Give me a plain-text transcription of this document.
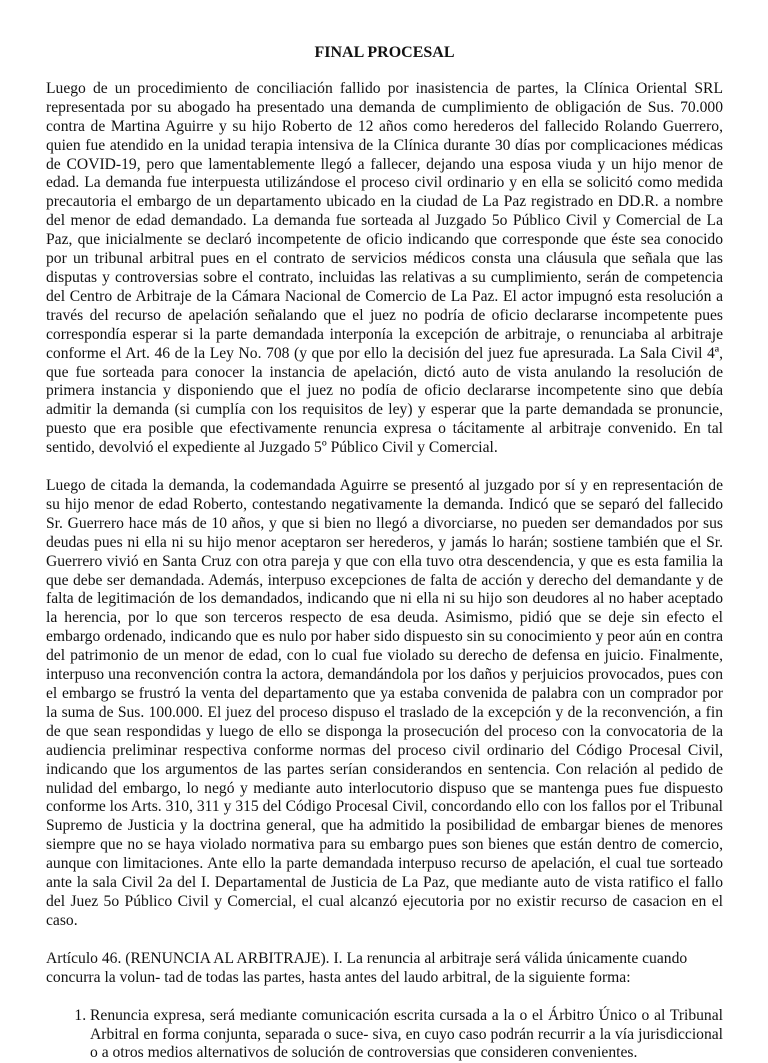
FINAL PROCESAL

Luego de un procedimiento de conciliación fallido por inasistencia de partes, la Clínica Oriental SRL representada por su abogado ha presentado una demanda de cumplimiento de obligación de Sus. 70.000 contra de Martina Aguirre y su hijo Roberto de 12 años como herederos del fallecido Rolando Guerrero, quien fue atendido en la unidad terapia intensiva de la Clínica durante 30 días por complicaciones médicas de COVID-19, pero que lamentablemente llegó a fallecer, dejando una esposa viuda y un hijo menor de edad. La demanda fue interpuesta utilizándose el proceso civil ordinario y en ella se solicitó como medida precautoria el embargo de un departamento ubicado en la ciudad de La Paz registrado en DD.R. a nombre del menor de edad demandado. La demanda fue sorteada al Juzgado 5o Público Civil y Comercial de La Paz, que inicialmente se declaró incompetente de oficio indicando que corresponde que éste sea conocido por un tribunal arbitral pues en el contrato de servicios médicos consta una cláusula que señala que las disputas y controversias sobre el contrato, incluidas las relativas a su cumplimiento, serán de competencia del Centro de Arbitraje de la Cámara Nacional de Comercio de La Paz. El actor impugnó esta resolución a través del recurso de apelación señalando que el juez no podría de oficio declararse incompetente pues correspondía esperar si la parte demandada interponía la excepción de arbitraje, o renunciaba al arbitraje conforme el Art. 46 de la Ley No. 708 (y que por ello la decisión del juez fue apresurada. La Sala Civil 4ª, que fue sorteada para conocer la instancia de apelación, dictó auto de vista anulando la resolución de primera instancia y disponiendo que el juez no podía de oficio declararse incompetente sino que debía admitir la demanda (si cumplía con los requisitos de ley) y esperar que la parte demandada se pronuncie, puesto que era posible que efectivamente renuncia expresa o tácitamente al arbitraje convenido. En tal sentido, devolvió el expediente al Juzgado 5º Público Civil y Comercial.

Luego de citada la demanda, la codemandada Aguirre se presentó al juzgado por sí y en representación de su hijo menor de edad Roberto, contestando negativamente la demanda. Indicó que se separó del fallecido Sr. Guerrero hace más de 10 años, y que si bien no llegó a divorciarse, no pueden ser demandados por sus deudas pues ni ella ni su hijo menor aceptaron ser herederos, y jamás lo harán; sostiene también que el Sr. Guerrero vivió en Santa Cruz con otra pareja y que con ella tuvo otra descendencia, y que es esta familia la que debe ser demandada. Además, interpuso excepciones de falta de acción y derecho del demandante y de falta de legitimación de los demandados, indicando que ni ella ni su hijo son deudores al no haber aceptado la herencia, por lo que son terceros respecto de esa deuda. Asimismo, pidió que se deje sin efecto el embargo ordenado, indicando que es nulo por haber sido dispuesto sin su conocimiento y peor aún en contra del patrimonio de un menor de edad, con lo cual fue violado su derecho de defensa en juicio. Finalmente, interpuso una reconvención contra la actora, demandándola por los daños y perjuicios provocados, pues con el embargo se frustró la venta del departamento que ya estaba convenida de palabra con un comprador por la suma de Sus. 100.000. El juez del proceso dispuso el traslado de la excepción y de la reconvención, a fin de que sean respondidas y luego de ello se disponga la prosecución del proceso con la convocatoria de la audiencia preliminar respectiva conforme normas del proceso civil ordinario del Código Procesal Civil, indicando que los argumentos de las partes serían considerandos en sentencia. Con relación al pedido de nulidad del embargo, lo negó y mediante auto interlocutorio dispuso que se mantenga pues fue dispuesto conforme los Arts. 310, 311 y 315 del Código Procesal Civil, concordando ello con los fallos por el Tribunal Supremo de Justicia y la doctrina general, que ha admitido la posibilidad de embargar bienes de menores siempre que no se haya violado normativa para su embargo pues son bienes que están dentro de comercio, aunque con limitaciones. Ante ello la parte demandada interpuso recurso de apelación, el cual tue sorteado ante la sala Civil 2a del I. Departamental de Justicia de La Paz, que mediante auto de vista ratifico el fallo del Juez 5o Público Civil y Comercial, el cual alcanzó ejecutoria por no existir recurso de casacion en el caso.

Artículo 46. (RENUNCIA AL ARBITRAJE). I. La renuncia al arbitraje será válida únicamente cuando concurra la volun- tad de todas las partes, hasta antes del laudo arbitral, de la siguiente forma:

1. Renuncia expresa, será mediante comunicación escrita cursada a la o el Árbitro Único o al Tribunal Arbitral en forma conjunta, separada o suce- siva, en cuyo caso podrán recurrir a la vía jurisdiccional o a otros medios alternativos de solución de controversias que consideren convenientes.
